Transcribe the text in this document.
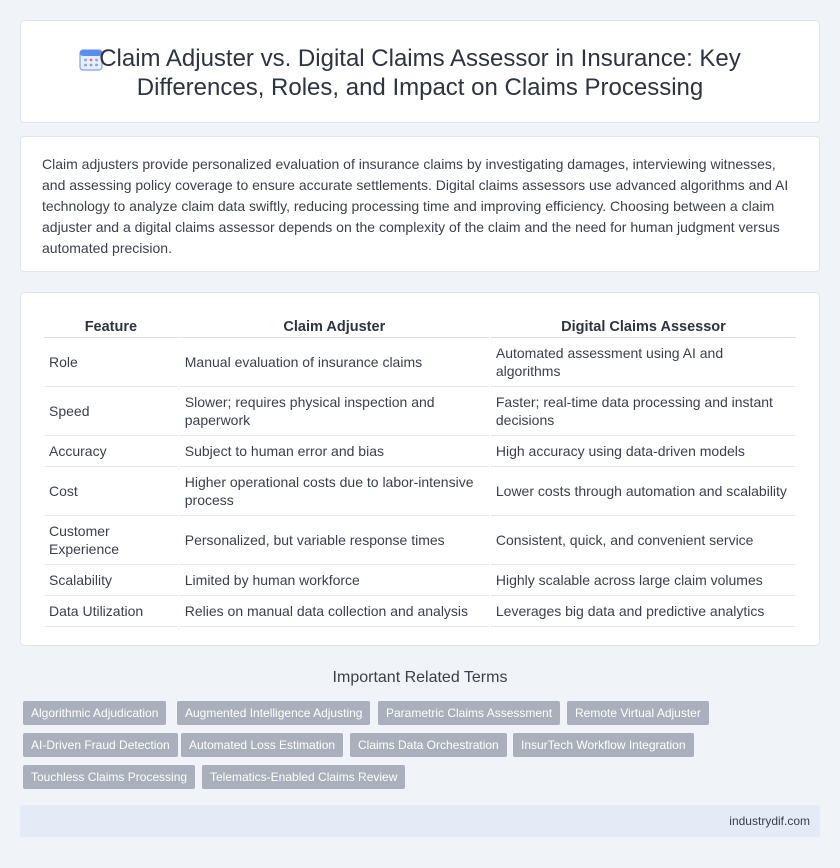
Claim Adjuster vs. Digital Claims Assessor in Insurance: Key
Differences, Roles, and Impact on Claims Processing

Claim adjusters provide personalized evaluation of insurance claims by investigating damages, interviewing witnesses, and assessing policy coverage to ensure accurate settlements. Digital claims assessors use advanced algorithms and AI technology to analyze claim data swiftly, reducing processing time and improving efficiency. Choosing between a claim adjuster and a digital claims assessor depends on the complexity of the claim and the need for human judgment versus automated precision.

Feature	Claim Adjuster	Digital Claims Assessor
Role	Manual evaluation of insurance claims	Automated assessment using AI and algorithms
Speed	Slower; requires physical inspection and paperwork	Faster; real-time data processing and instant decisions
Accuracy	Subject to human error and bias	High accuracy using data-driven models
Cost	Higher operational costs due to labor-intensive process	Lower costs through automation and scalability
Customer Experience	Personalized, but variable response times	Consistent, quick, and convenient service
Scalability	Limited by human workforce	Highly scalable across large claim volumes
Data Utilization	Relies on manual data collection and analysis	Leverages big data and predictive analytics
Important Related Terms
Algorithmic Adjudication	Augmented Intelligence Adjusting	Parametric Claims Assessment	Remote Virtual Adjuster
AI-Driven Fraud Detection	Automated Loss Estimation	Claims Data Orchestration	InsurTech Workflow Integration
Touchless Claims Processing	Telematics-Enabled Claims Review
industrydif.com
